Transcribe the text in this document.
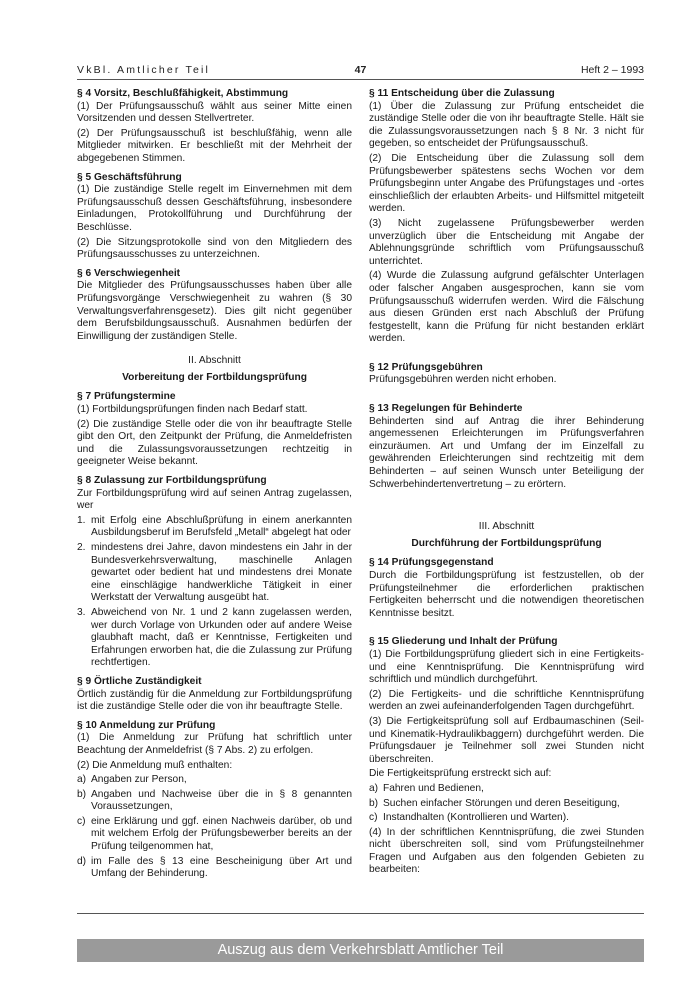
VkBl. Amtlicher Teil	47	Heft 2 – 1993

§ 4 Vorsitz, Beschlußfähigkeit, Abstimmung

(1) Der Prüfungsausschuß wählt aus seiner Mitte einen Vorsitzenden und dessen Stellvertreter.

(2) Der Prüfungsausschuß ist beschlußfähig, wenn alle Mitglieder mitwirken. Er beschließt mit der Mehrheit der abgegebenen Stimmen.

§ 5 Geschäftsführung

(1) Die zuständige Stelle regelt im Einvernehmen mit dem Prüfungsausschuß dessen Geschäftsführung, insbesondere Einladungen, Protokollführung und Durchführung der Beschlüsse.

(2) Die Sitzungsprotokolle sind von den Mitgliedern des Prüfungsausschusses zu unterzeichnen.

§ 6 Verschwiegenheit

Die Mitglieder des Prüfungsausschusses haben über alle Prüfungsvorgänge Verschwiegenheit zu wahren (§ 30 Verwaltungsverfahrensgesetz). Dies gilt nicht gegenüber dem Berufsbildungsausschuß. Ausnahmen bedürfen der Einwilligung der zuständigen Stelle.

II. Abschnitt

Vorbereitung der Fortbildungsprüfung

§ 7 Prüfungstermine

(1) Fortbildungsprüfungen finden nach Bedarf statt.

(2) Die zuständige Stelle oder die von ihr beauftragte Stelle gibt den Ort, den Zeitpunkt der Prüfung, die Anmeldefristen und die Zulassungsvoraussetzungen rechtzeitig in geeigneter Weise bekannt.

§ 8 Zulassung zur Fortbildungsprüfung

Zur Fortbildungsprüfung wird auf seinen Antrag zugelassen, wer

1. mit Erfolg eine Abschlußprüfung in einem anerkannten Ausbildungsberuf im Berufsfeld „Metall“ abgelegt hat oder
2. mindestens drei Jahre, davon mindestens ein Jahr in der Bundesverkehrsverwaltung, maschinelle Anlagen gewartet oder bedient hat und mindestens drei Monate eine einschlägige handwerkliche Tätigkeit in einer Werkstatt der Verwaltung ausgeübt hat.
3. Abweichend von Nr. 1 und 2 kann zugelassen werden, wer durch Vorlage von Urkunden oder auf andere Weise glaubhaft macht, daß er Kenntnisse, Fertigkeiten und Erfahrungen erworben hat, die die Zulassung zur Prüfung rechtfertigen.

§ 9 Örtliche Zuständigkeit

Örtlich zuständig für die Anmeldung zur Fortbildungsprüfung ist die zuständige Stelle oder die von ihr beauftragte Stelle.

§ 10 Anmeldung zur Prüfung

(1) Die Anmeldung zur Prüfung hat schriftlich unter Beachtung der Anmeldefrist (§ 7 Abs. 2) zu erfolgen.

(2) Die Anmeldung muß enthalten:

a) Angaben zur Person,
b) Angaben und Nachweise über die in § 8 genannten Voraussetzungen,
c) eine Erklärung und ggf. einen Nachweis darüber, ob und mit welchem Erfolg der Prüfungsbewerber bereits an der Prüfung teilgenommen hat,
d) im Falle des § 13 eine Bescheinigung über Art und Umfang der Behinderung.

§ 11 Entscheidung über die Zulassung

(1) Über die Zulassung zur Prüfung entscheidet die zuständige Stelle oder die von ihr beauftragte Stelle. Hält sie die Zulassungsvoraussetzungen nach § 8 Nr. 3 nicht für gegeben, so entscheidet der Prüfungsausschuß.

(2) Die Entscheidung über die Zulassung soll dem Prüfungsbewerber spätestens sechs Wochen vor dem Prüfungsbeginn unter Angabe des Prüfungstages und -ortes einschließlich der erlaubten Arbeits- und Hilfsmittel mitgeteilt werden.

(3) Nicht zugelassene Prüfungsbewerber werden unverzüglich über die Entscheidung mit Angabe der Ablehnungsgründe schriftlich vom Prüfungsausschuß unterrichtet.

(4) Wurde die Zulassung aufgrund gefälschter Unterlagen oder falscher Angaben ausgesprochen, kann sie vom Prüfungsausschuß widerrufen werden. Wird die Fälschung aus diesen Gründen erst nach Abschluß der Prüfung festgestellt, kann die Prüfung für nicht bestanden erklärt werden.

§ 12 Prüfungsgebühren

Prüfungsgebühren werden nicht erhoben.

§ 13 Regelungen für Behinderte

Behinderten sind auf Antrag die ihrer Behinderung angemessenen Erleichterungen im Prüfungsverfahren einzuräumen. Art und Umfang der im Einzelfall zu gewährenden Erleichterungen sind rechtzeitig mit dem Behinderten – auf seinen Wunsch unter Beteiligung der Schwerbehindertenvertretung – zu erörtern.

III. Abschnitt

Durchführung der Fortbildungsprüfung

§ 14 Prüfungsgegenstand

Durch die Fortbildungsprüfung ist festzustellen, ob der Prüfungsteilnehmer die erforderlichen praktischen Fertigkeiten beherrscht und die notwendigen theoretischen Kenntnisse besitzt.

§ 15 Gliederung und Inhalt der Prüfung

(1) Die Fortbildungsprüfung gliedert sich in eine Fertigkeits- und eine Kenntnisprüfung. Die Kenntnisprüfung wird schriftlich und mündlich durchgeführt.

(2) Die Fertigkeits- und die schriftliche Kenntnisprüfung werden an zwei aufeinanderfolgenden Tagen durchgeführt.

(3) Die Fertigkeitsprüfung soll auf Erdbaumaschinen (Seil- und Kinematik-Hydraulikbaggern) durchgeführt werden. Die Prüfungsdauer je Teilnehmer soll zwei Stunden nicht überschreiten.

Die Fertigkeitsprüfung erstreckt sich auf:

a) Fahren und Bedienen,
b) Suchen einfacher Störungen und deren Beseitigung,
c) Instandhalten (Kontrollieren und Warten).

(4) In der schriftlichen Kenntnisprüfung, die zwei Stunden nicht überschreiten soll, sind vom Prüfungsteilnehmer Fragen und Aufgaben aus den folgenden Gebieten zu bearbeiten:

Auszug aus dem Verkehrsblatt Amtlicher Teil
